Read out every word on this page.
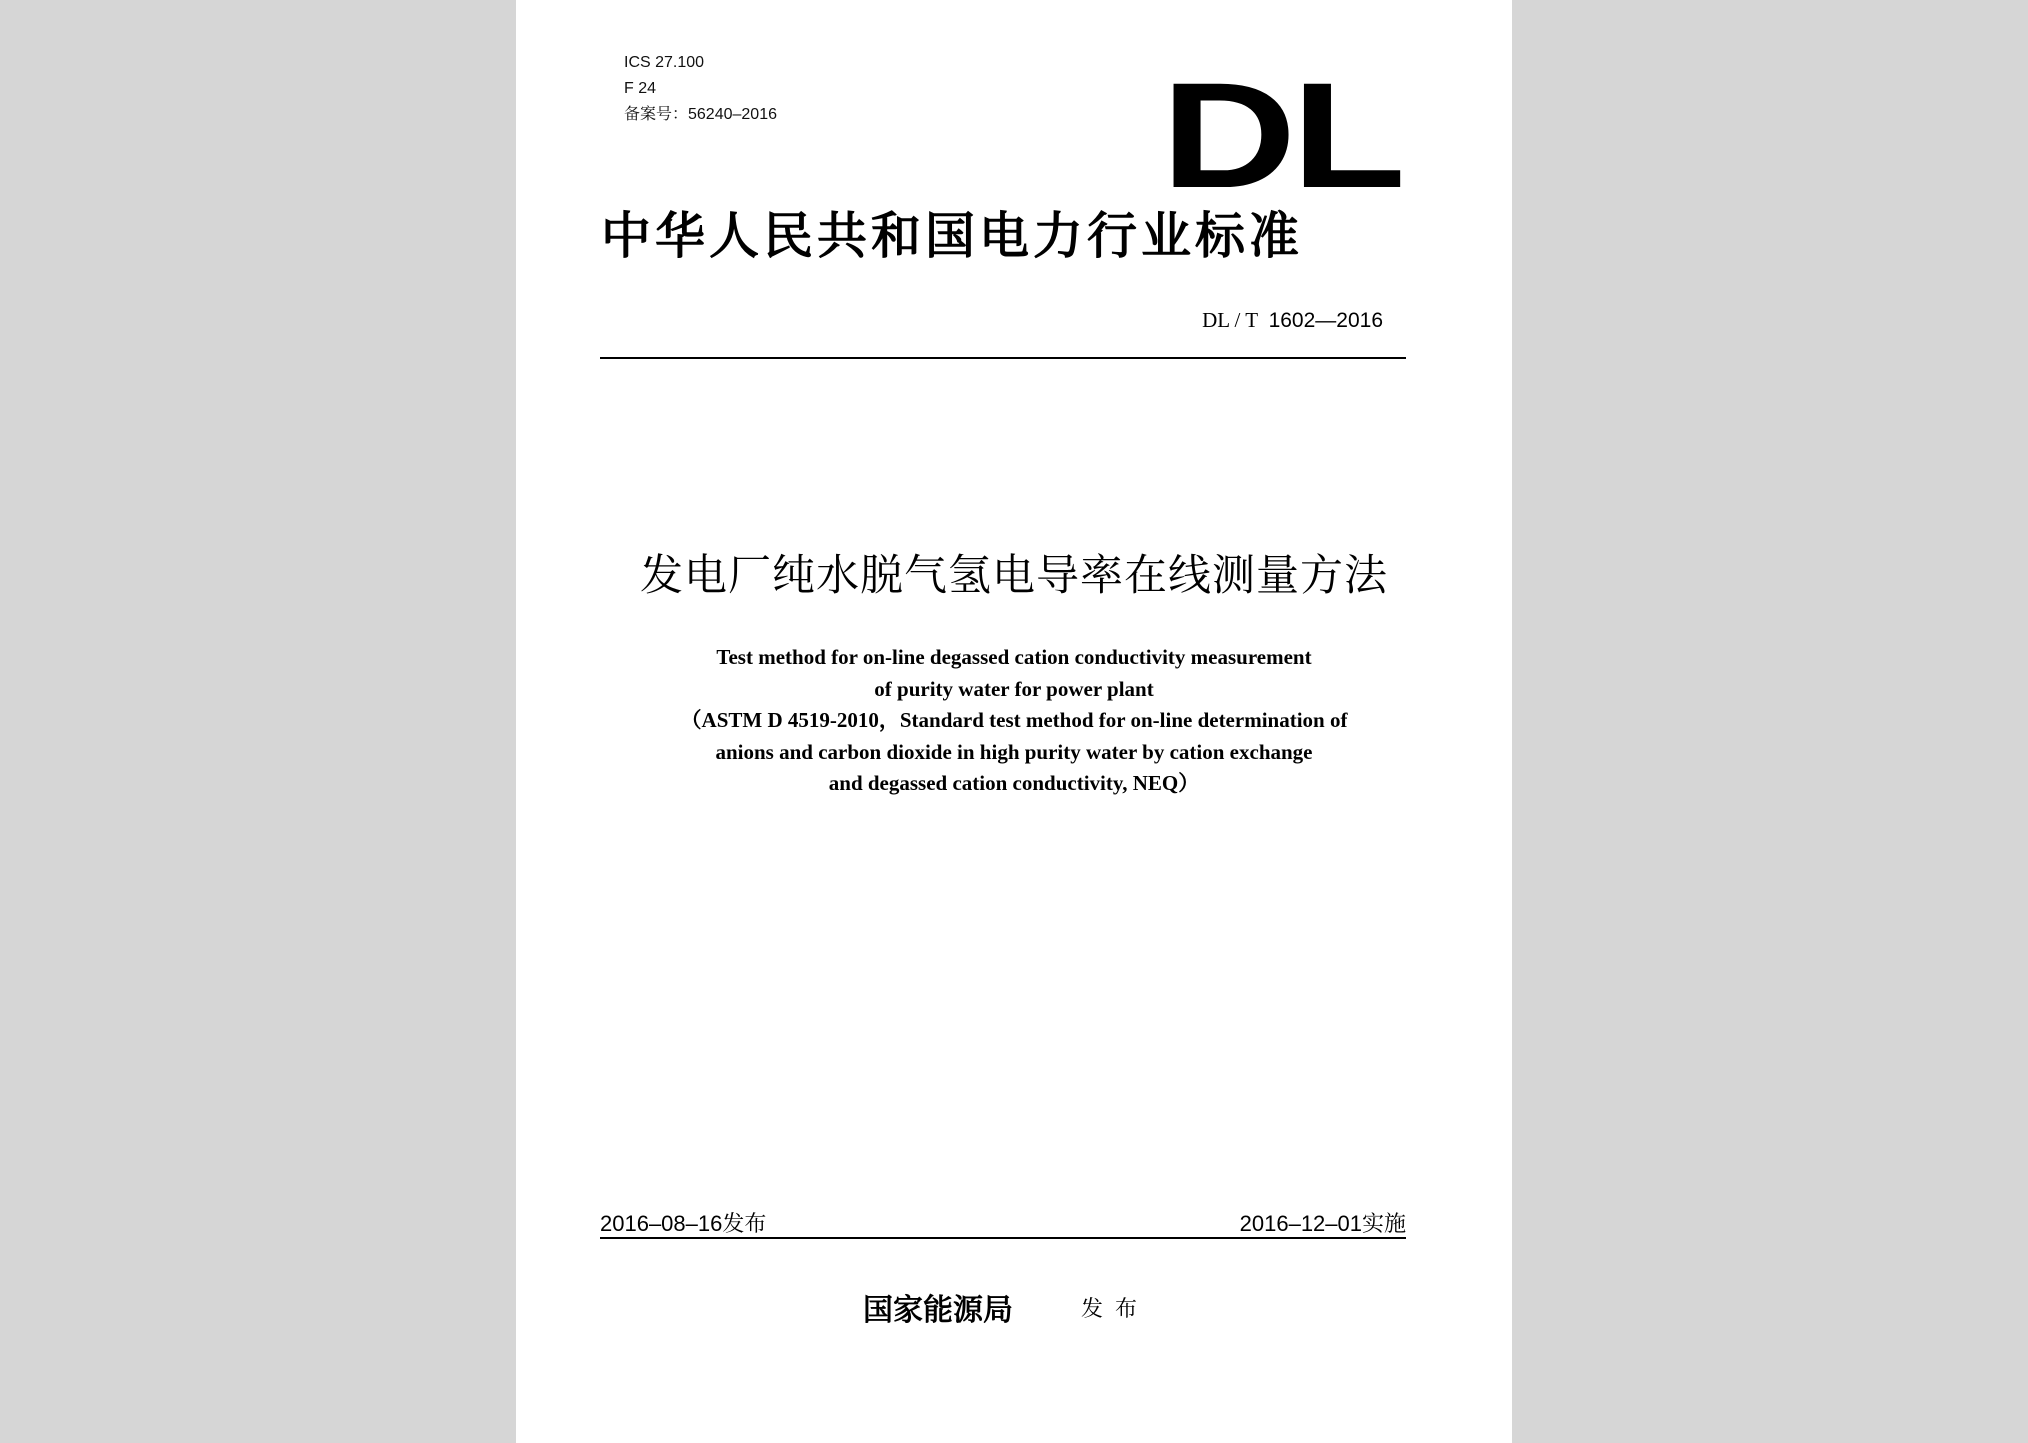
ICS 27.100
F 24
备案号：56240–2016	DL
中华人民共和国电力行业标准
DL / T 1602—2016
发电厂纯水脱气氢电导率在线测量方法
Test method for on-line degassed cation conductivity measurement
of purity water for power plant
（ASTM D 4519-2010，Standard test method for on-line determination of
anions and carbon dioxide in high purity water by cation exchange
and degassed cation conductivity, NEQ）
2016–08–16发布	2016–12–01实施
国家能源局	发布
